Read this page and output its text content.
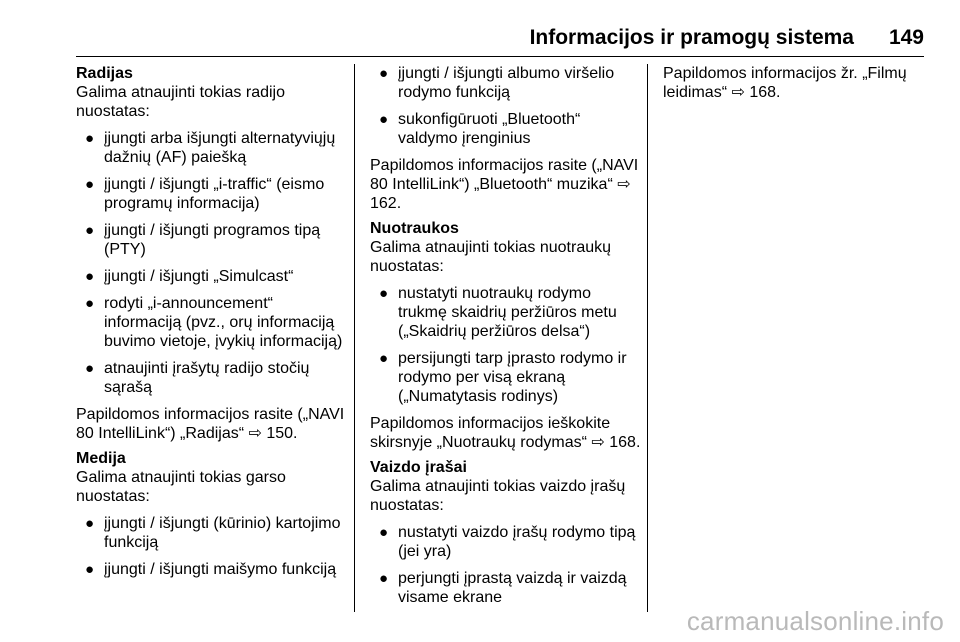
Informacijos ir pramogų sistema 149

Radijas

Galima atnaujinti tokias radijo nuostatas:

● įjungti arba išjungti alternatyviųjų dažnių (AF) paiešką
● įjungti / išjungti „i-traffic“ (eismo programų informacija)
● įjungti / išjungti programos tipą (PTY)
● įjungti / išjungti „Simulcast“
● rodyti „i-announcement“ informaciją (pvz., orų informaciją buvimo vietoje, įvykių informaciją)
● atnaujinti įrašytų radijo stočių sąrašą

Papildomos informacijos rasite („NAVI 80 IntelliLink“) „Radijas“ ⇨ 150.

Medija

Galima atnaujinti tokias garso nuostatas:

● įjungti / išjungti (kūrinio) kartojimo funkciją
● įjungti / išjungti maišymo funkciją
● įjungti / išjungti albumo viršelio rodymo funkciją
● sukonfigūruoti „Bluetooth“ valdymo įrenginius

Papildomos informacijos rasite („NAVI 80 IntelliLink“) „Bluetooth“ muzika“ ⇨ 162.

Nuotraukos

Galima atnaujinti tokias nuotraukų nuostatas:

● nustatyti nuotraukų rodymo trukmę skaidrių peržiūros metu („Skaidrių peržiūros delsa“)
● persijungti tarp įprasto rodymo ir rodymo per visą ekraną („Numatytasis rodinys)

Papildomos informacijos ieškokite skirsnyje „Nuotraukų rodymas“ ⇨ 168.

Vaizdo įrašai

Galima atnaujinti tokias vaizdo įrašų nuostatas:

● nustatyti vaizdo įrašų rodymo tipą (jei yra)
● perjungti įprastą vaizdą ir vaizdą visame ekrane

Papildomos informacijos žr. „Filmų leidimas“ ⇨ 168.

carmanualsonline.info
